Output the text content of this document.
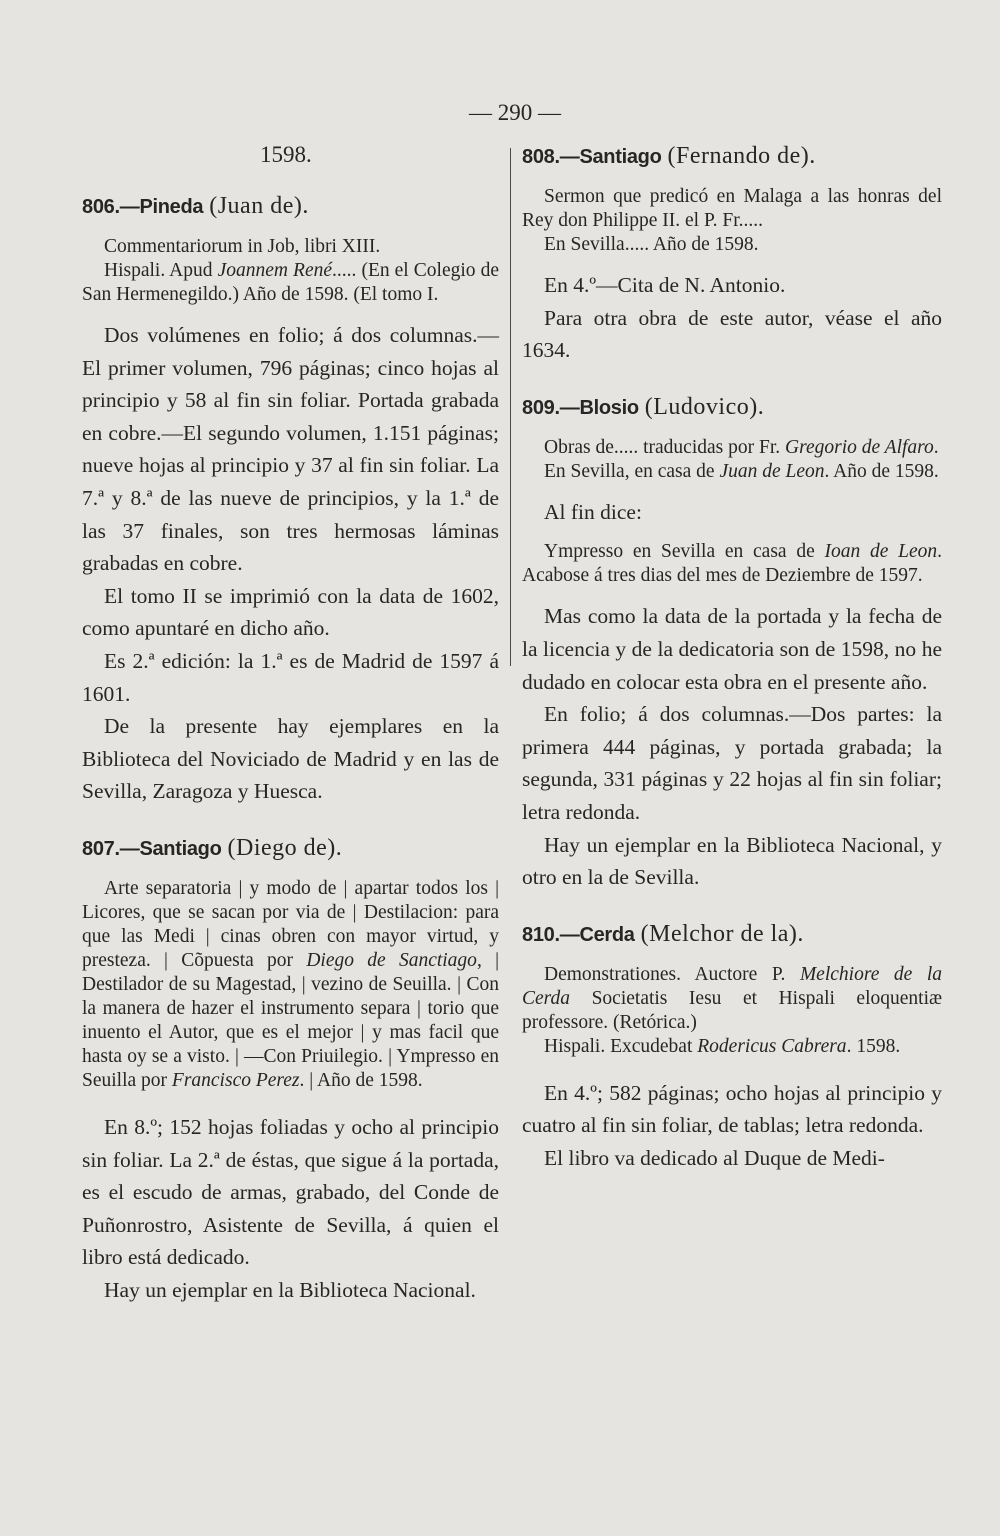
— 290 —
1598.
806.—Pineda (Juan de).

Commentariorum in Job, libri XIII.

Hispali. Apud Joannem René..... (En el Colegio de San Hermenegildo.) Año de 1598. (El tomo I.

Dos volúmenes en folio; á dos columnas.— El primer volumen, 796 páginas; cinco hojas al principio y 58 al fin sin foliar. Portada grabada en cobre.—El segundo volumen, 1.151 páginas; nueve hojas al principio y 37 al fin sin foliar. La 7.ª y 8.ª de las nueve de principios, y la 1.ª de las 37 finales, son tres hermosas láminas grabadas en cobre.

El tomo II se imprimió con la data de 1602, como apuntaré en dicho año.

Es 2.ª edición: la 1.ª es de Madrid de 1597 á 1601.

De la presente hay ejemplares en la Biblioteca del Noviciado de Madrid y en las de Sevilla, Zaragoza y Huesca.

807.—Santiago (Diego de).

Arte separatoria | y modo de | apartar todos los | Licores, que se sacan por via de | Destilacion: para que las Medi | cinas obren con mayor virtud, y presteza. | Cõpuesta por Diego de Sanctiago, | Destilador de su Magestad, | vezino de Seuilla. | Con la manera de hazer el instrumento separa | torio que inuento el Autor, que es el mejor | y mas facil que hasta oy se a visto. | —Con Priuilegio. | Ympresso en Seuilla por Francisco Perez. | Año de 1598.

En 8.º; 152 hojas foliadas y ocho al principio sin foliar. La 2.ª de éstas, que sigue á la portada, es el escudo de armas, grabado, del Conde de Puñonrostro, Asistente de Sevilla, á quien el libro está dedicado.

Hay un ejemplar en la Biblioteca Nacional.

808.—Santiago (Fernando de).

Sermon que predicó en Malaga a las honras del Rey don Philippe II. el P. Fr.....

En Sevilla..... Año de 1598.

En 4.º—Cita de N. Antonio.

Para otra obra de este autor, véase el año 1634.

809.—Blosio (Ludovico).

Obras de..... traducidas por Fr. Gregorio de Alfaro.

En Sevilla, en casa de Juan de Leon. Año de 1598.

Al fin dice:

Ympresso en Sevilla en casa de Ioan de Leon. Acabose á tres dias del mes de Deziembre de 1597.

Mas como la data de la portada y la fecha de la licencia y de la dedicatoria son de 1598, no he dudado en colocar esta obra en el presente año.

En folio; á dos columnas.—Dos partes: la primera 444 páginas, y portada grabada; la segunda, 331 páginas y 22 hojas al fin sin foliar; letra redonda.

Hay un ejemplar en la Biblioteca Nacional, y otro en la de Sevilla.

810.—Cerda (Melchor de la).

Demonstrationes. Auctore P. Melchiore de la Cerda Societatis Iesu et Hispali eloquentiæ professore. (Retórica.)

Hispali. Excudebat Rodericus Cabrera. 1598.

En 4.º; 582 páginas; ocho hojas al principio y cuatro al fin sin foliar, de tablas; letra redonda.

El libro va dedicado al Duque de Medi-
